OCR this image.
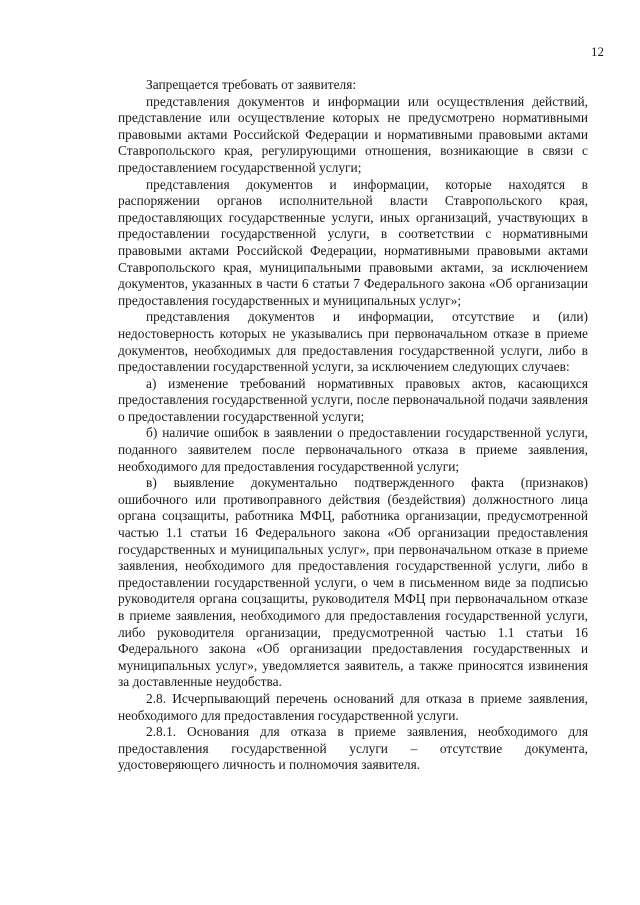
12

Запрещается требовать от заявителя:

представления документов и информации или осуществления действий, представление или осуществление которых не предусмотрено нормативными правовыми актами Российской Федерации и нормативными правовыми актами Ставропольского края, регулирующими отношения, возникающие в связи с предоставлением государственной услуги;

представления документов и информации, которые находятся в распоряжении органов исполнительной власти Ставропольского края, предоставляющих государственные услуги, иных организаций, участвующих в предоставлении государственной услуги, в соответствии с нормативными правовыми актами Российской Федерации, нормативными правовыми актами Ставропольского края, муниципальными правовыми актами, за исключением документов, указанных в части 6 статьи 7 Федерального закона «Об организации предоставления государственных и муниципальных услуг»;

представления документов и информации, отсутствие и (или) недостоверность которых не указывались при первоначальном отказе в приеме документов, необходимых для предоставления государственной услуги, либо в предоставлении государственной услуги, за исключением следующих случаев:

а) изменение требований нормативных правовых актов, касающихся предоставления государственной услуги, после первоначальной подачи заявления о предоставлении государственной услуги;

б) наличие ошибок в заявлении о предоставлении государственной услуги, поданного заявителем после первоначального отказа в приеме заявления, необходимого для предоставления государственной услуги;

в) выявление документально подтвержденного факта (признаков) ошибочного или противоправного действия (бездействия) должностного лица органа соцзащиты, работника МФЦ, работника организации, предусмотренной частью 1.1 статьи 16 Федерального закона «Об организации предоставления государственных и муниципальных услуг», при первоначальном отказе в приеме заявления, необходимого для предоставления государственной услуги, либо в предоставлении государственной услуги, о чем в письменном виде за подписью руководителя органа соцзащиты, руководителя МФЦ при первоначальном отказе в приеме заявления, необходимого для предоставления государственной услуги, либо руководителя организации, предусмотренной частью 1.1 статьи 16 Федерального закона «Об организации предоставления государственных и муниципальных услуг», уведомляется заявитель, а также приносятся извинения за доставленные неудобства.

2.8. Исчерпывающий перечень оснований для отказа в приеме заявления, необходимого для предоставления государственной услуги.

2.8.1. Основания для отказа в приеме заявления, необходимого для предоставления государственной услуги – отсутствие документа, удостоверяющего личность и полномочия заявителя.
